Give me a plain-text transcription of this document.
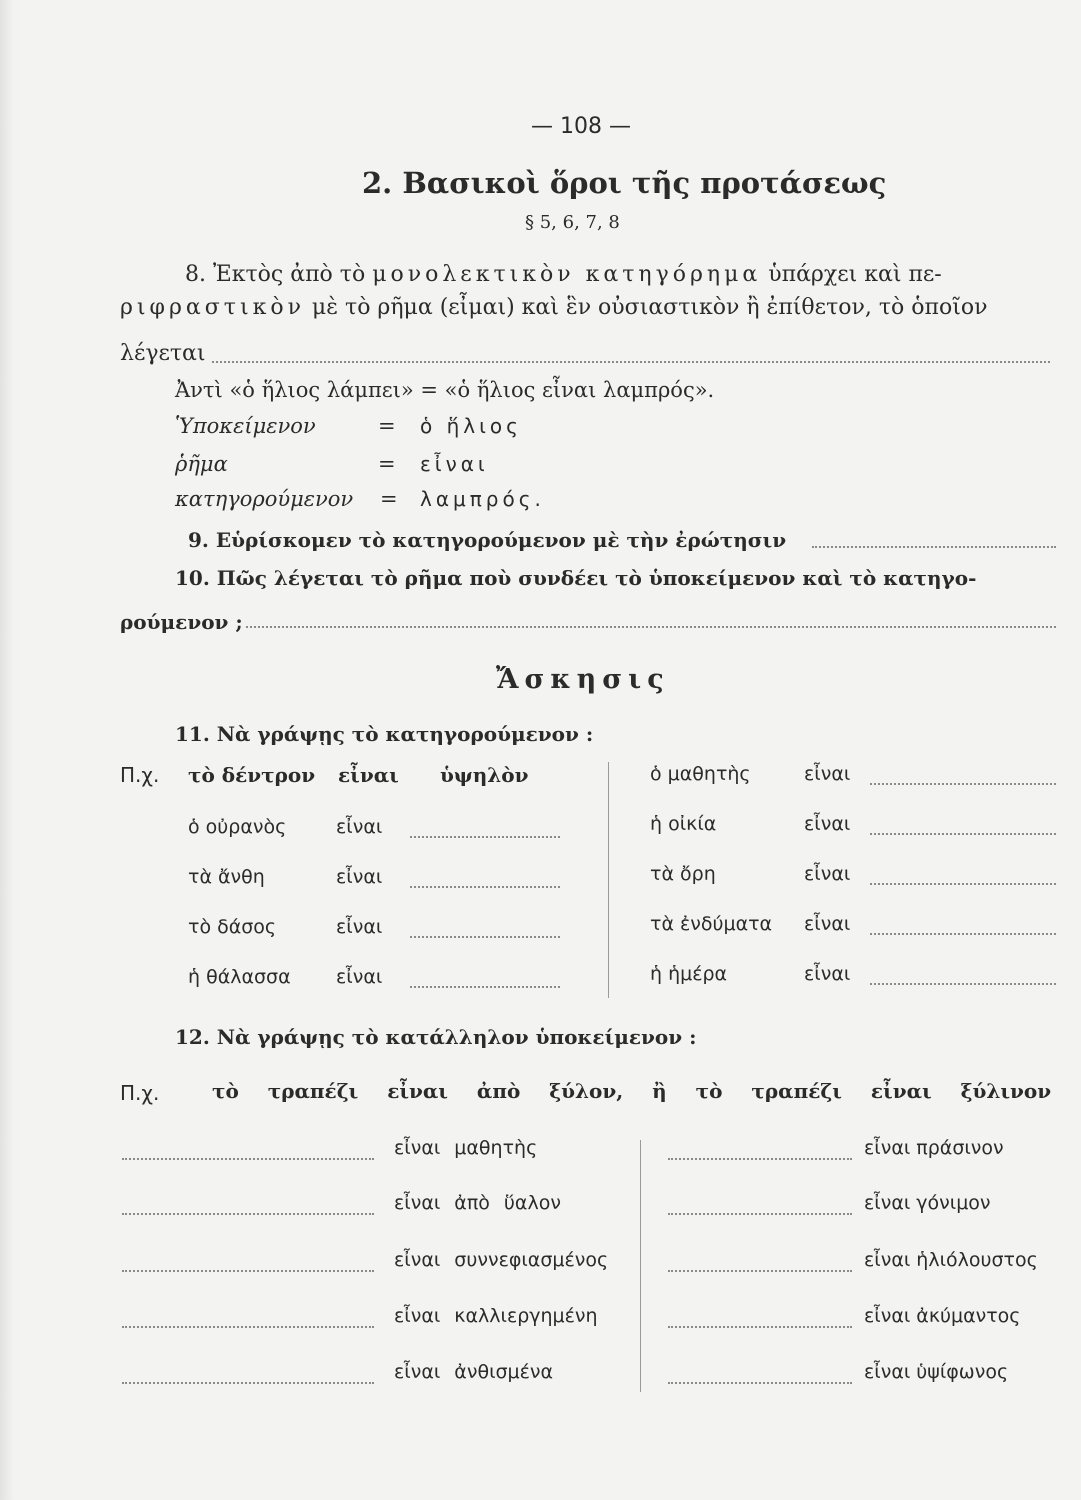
— 108 —
2. Βασικοὶ ὅροι τῆς προτάσεως
§ 5, 6, 7, 8
8. Ἐκτὸς ἀπὸ τὸ μονολεκτικὸν κατηγόρημα ὑπάρχει καὶ πε-
ριφραστικὸν μὲ τὸ ρῆμα (εἶμαι) καὶ ἓν οὐσιαστικὸν ἢ ἐπίθετον, τὸ ὁποῖον
λέγεται
Ἀντὶ «ὁ ἥλιος λάμπει» = «ὁ ἥλιος εἶναι λαμπρός».
Ὑποκείμενον	= ὁ ἥλιος
ῥῆμα	= εἶναι
κατηγορούμενον = λαμπρός.
9. Εὑρίσκομεν τὸ κατηγορούμενον μὲ τὴν ἐρώτησιν
10. Πῶς λέγεται τὸ ρῆμα ποὺ συνδέει τὸ ὑποκείμενον καὶ τὸ κατηγο-
ρούμενον ;
Ἄσκησις
11. Νὰ γράψῃς τὸ κατηγορούμενον :
Π.χ. τὸ δέντρον εἶναι ὑψηλὸν
ὁ οὐρανὸς	εἶναι
τὰ ἄνθη	εἶναι
τὸ δάσος	εἶναι
ἡ θάλασσα εἶναι
ὁ μαθητὴς	εἶναι
ἡ οἰκία	εἶναι
τὰ ὄρη	εἶναι
τὰ ἐνδύματα εἶναι
ἡ ἡμέρα	εἶναι
12. Νὰ γράψῃς τὸ κατάλληλον ὑποκείμενον :
Π.χ.	τὸ τραπέζι εἶναι ἀπὸ ξύλον, ἢ τὸ τραπέζι εἶναι ξύλινον
εἶναι μαθητὴς
εἶναι ἀπὸ ὕαλον
εἶναι συννεφιασμένος
εἶναι καλλιεργημένη
εἶναι ἀνθισμένα
εἶναι πράσινον
εἶναι γόνιμον
εἶναι ἡλιόλουστος
εἶναι ἀκύμαντος
εἶναι ὑψίφωνος
